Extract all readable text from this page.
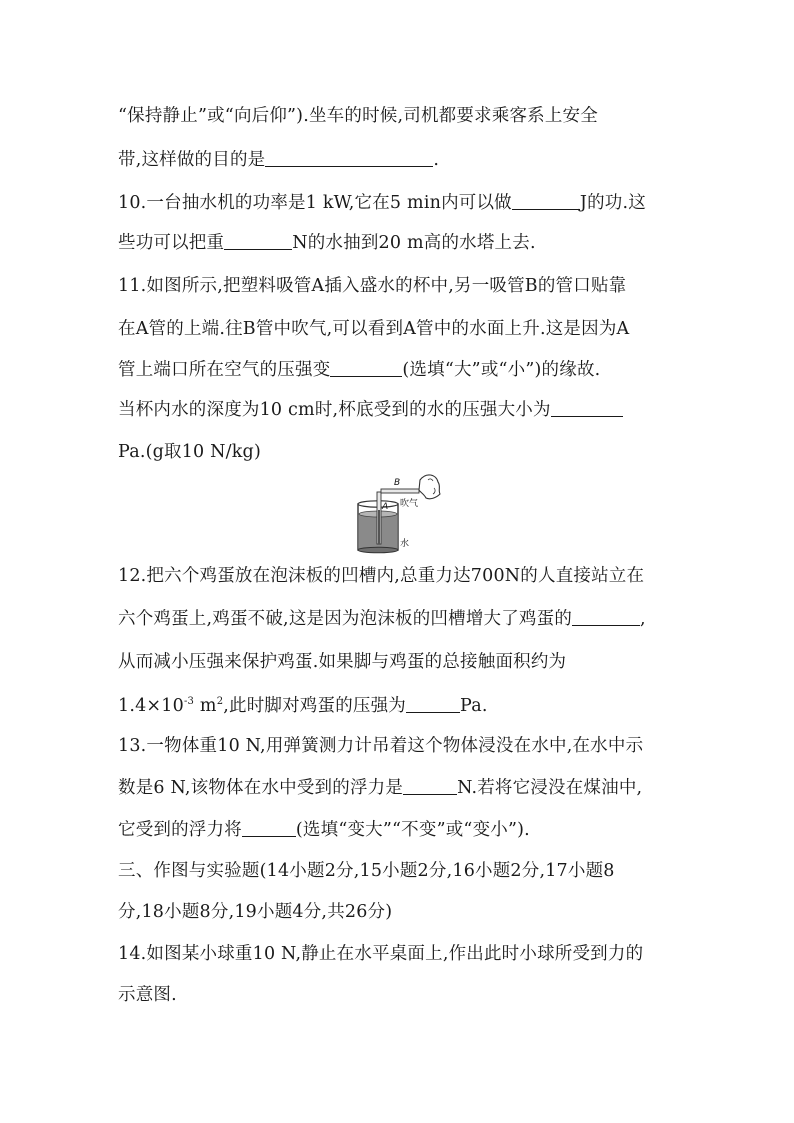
“保持静止”或“向后仰”).坐车的时候,司机都要求乘客系上安全
带,这样做的目的是	.
10.一台抽水机的功率是1 kW,它在5 min内可以做	J的功.这
些功可以把重	N的水抽到20 m高的水塔上去.
11.如图所示,把塑料吸管A插入盛水的杯中,另一吸管B的管口贴靠
在A管的上端.往B管中吹气,可以看到A管中的水面上升.这是因为A
管上端口所在空气的压强变	(选填“大”或“小”)的缘故.
当杯内水的深度为10 cm时,杯底受到的水的压强大小为
Pa.(g取10 N/kg)
B
A 吹气
水
12.把六个鸡蛋放在泡沫板的凹槽内,总重力达700N的人直接站立在
六个鸡蛋上,鸡蛋不破,这是因为泡沫板的凹槽增大了鸡蛋的	,
从而减小压强来保护鸡蛋.如果脚与鸡蛋的总接触面积约为
$1.4\times 10^{-3}$ $m^2$,此时脚对鸡蛋的压强为	Pa.
13.一物体重10 N,用弹簧测力计吊着这个物体浸没在水中,在水中示
数是6 N,该物体在水中受到的浮力是	N.若将它浸没在煤油中,
它受到的浮力将	(选填“变大”“不变”或“变小”).
三、作图与实验题(14小题2分,15小题2分,16小题2分,17小题8
分,18小题8分,19小题4分,共26分)
14.如图某小球重10 N,静止在水平桌面上,作出此时小球所受到力的
示意图.
